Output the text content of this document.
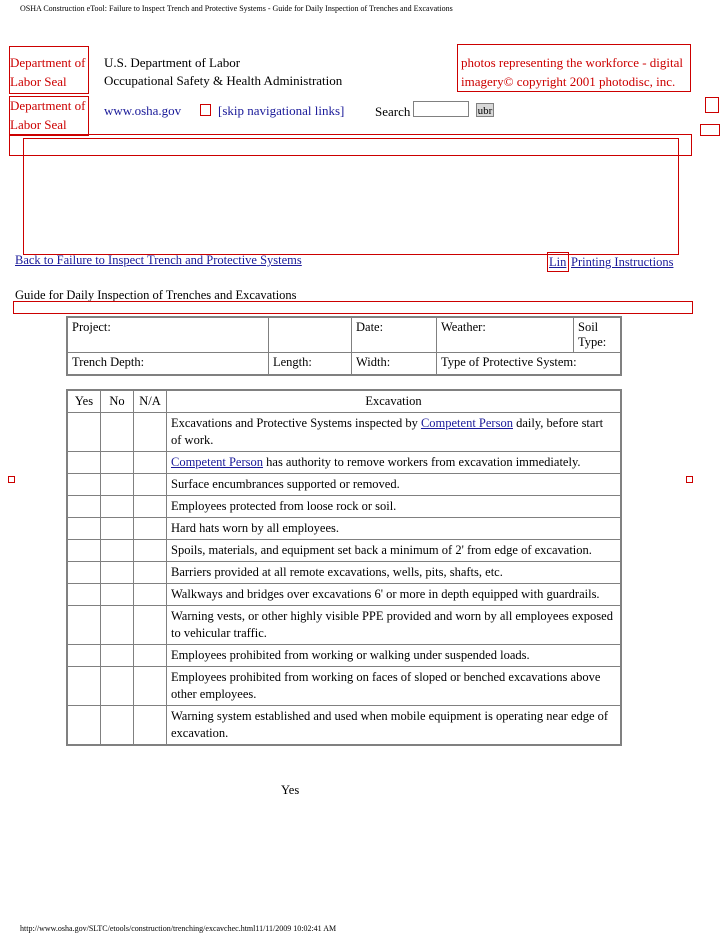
OSHA Construction eTool: Failure to Inspect Trench and Protective Systems - Guide for Daily Inspection of Trenches and Excavations
Department of Labor Seal
U.S. Department of Labor
Occupational Safety & Health Administration
photos representing the workforce - digital imagery© copyright 2001 photodisc, inc.
Department of Labor Seal
www.osha.gov	[skip navigational links] Search	ubr
Back to Failure to Inspect Trench and Protective Systems	Lin Printing Instructions
Guide for Daily Inspection of Trenches and Excavations
Project:		Date:	Weather:	Soil Type:
Trench Depth:	Length:	Width:	Type of Protective System:	
Yes	No	N/A	Excavation
			Excavations and Protective Systems inspected by Competent Person daily, before start of work.
			Competent Person has authority to remove workers from excavation immediately.
			Surface encumbrances supported or removed.
			Employees protected from loose rock or soil.
			Hard hats worn by all employees.
			Spoils, materials, and equipment set back a minimum of 2' from edge of excavation.
			Barriers provided at all remote excavations, wells, pits, shafts, etc.
			Walkways and bridges over excavations 6' or more in depth equipped with guardrails.
			Warning vests, or other highly visible PPE provided and worn by all employees exposed to vehicular traffic.
			Employees prohibited from working or walking under suspended loads.
			Employees prohibited from working on faces of sloped or benched excavations above other employees.
			Warning system established and used when mobile equipment is operating near edge of excavation.
Yes
http://www.osha.gov/SLTC/etools/construction/trenching/excavchec.html11/11/2009 10:02:41 AM
